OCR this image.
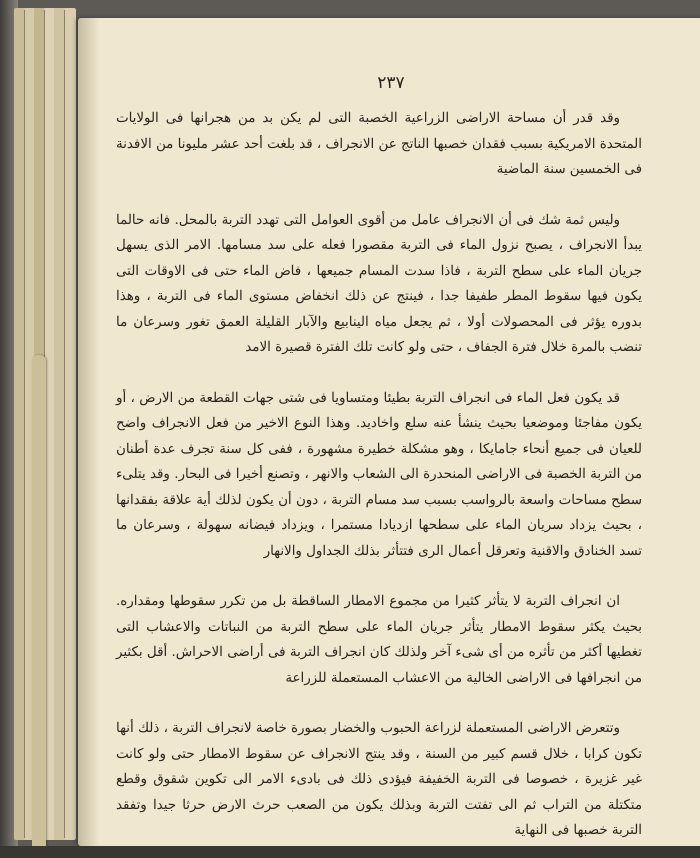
٢٣٧

وقد قدر أن مساحة الاراضى الزراعية الخصبة التى لم يكن بد من هجرانها فى الولايات المتحدة الامريكية بسبب فقدان خصبها الناتج عن الانجراف ، قد بلغت أحد عشر مليونا من الافدنة فى الخمسين سنة الماضية

وليس ثمة شك فى أن الانجراف عامل من أقوى العوامل التى تهدد التربة بالمحل. فانه حالما يبدأ الانجراف ، يصبح نزول الماء فى التربة مقصورا فعله على سد مسامها. الامر الذى يسهل جريان الماء على سطح التربة ، فاذا سدت المسام جميعها ، فاض الماء حتى فى الاوقات التى يكون فيها سقوط المطر طفيفا جدا ، فينتج عن ذلك انخفاض مستوى الماء فى التربة ، وهذا بدوره يؤثر فى المحصولات أولا ، ثم يجعل مياه الينابيع والآبار القليلة العمق تغور وسرعان ما تنضب بالمرة خلال فترة الجفاف ، حتى ولو كانت تلك الفترة قصيرة الامد

قد يكون فعل الماء فى انجراف التربة بطيئا ومتساويا فى شتى جهات القطعة من الارض ، أو يكون مفاجئا وموضعيا بحيث ينشأ عنه سلع واخاديد. وهذا النوع الاخير من فعل الانجراف واضح للعيان فى جميع أنحاء جامايكا ، وهو مشكلة خطيرة مشهورة ، ففى كل سنة تجرف عدة أطنان من التربة الخصبة فى الاراضى المنحدرة الى الشعاب والانهر ، وتصنع أخيرا فى البحار. وقد يتلىء سطح مساحات واسعة بالرواسب بسبب سد مسام التربة ، دون أن يكون لذلك أية علاقة بفقدانها ، بحيث يزداد سريان الماء على سطحها ازديادا مستمرا ، ويزداد فيضانه سهولة ، وسرعان ما تسد الخنادق والاقنية وتعرقل أعمال الرى فتتأثر بذلك الجداول والانهار

ان انجراف التربة لا يتأثر كثيرا من مجموع الامطار الساقطة بل من تكرر سقوطها ومقداره. بحيث يكثر سقوط الامطار يتأثر جريان الماء على سطح التربة من النباتات والاعشاب التى تغطيها أكثر من تأثره من أى شىء آخر ولذلك كان انجراف التربة فى أراضى الاحراش. أقل بكثير من انجرافها فى الاراضى الخالية من الاعشاب المستعملة للزراعة

وتتعرض الاراضى المستعملة لزراعة الحبوب والخضار بصورة خاصة لانجراف التربة ، ذلك أنها تكون كرابا ، خلال قسم كبير من السنة ، وقد ينتج الانجراف عن سقوط الامطار حتى ولو كانت غير غزيرة ، خصوصا فى التربة الخفيفة فيؤدى ذلك فى بادىء الامر الى تكوين شقوق وقطع متكتلة من التراب ثم الى تفتت التربة وبذلك يكون من الصعب حرث الارض حرثا جيدا وتفقد التربة خصبها فى النهاية
